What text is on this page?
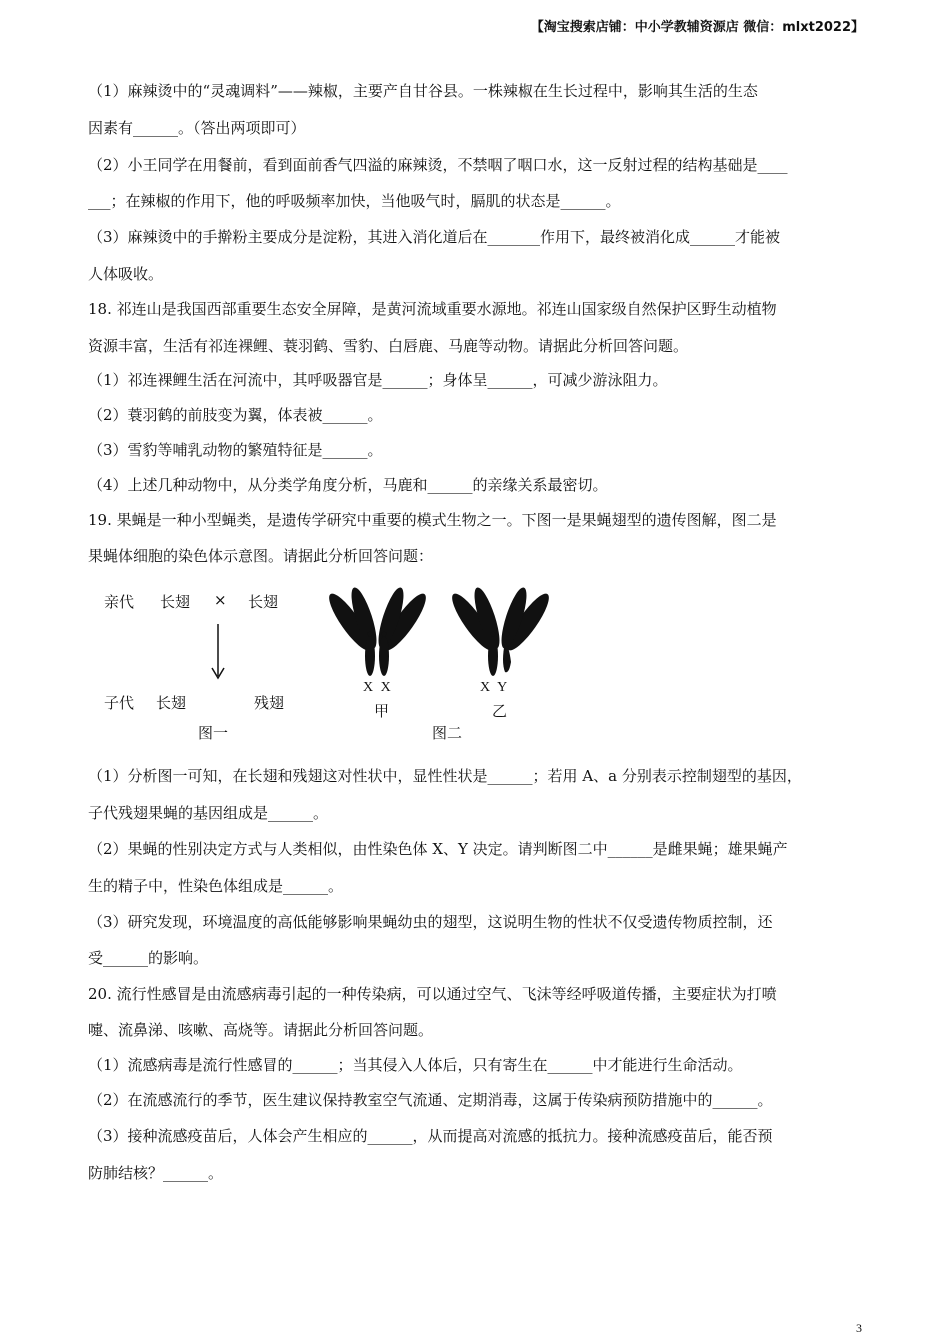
【淘宝搜索店铺：中小学教辅资源店 微信：mlxt2022】
（1）麻辣烫中的“灵魂调料”——辣椒，主要产自甘谷县。一株辣椒在生长过程中，影响其生活的生态
因素有______。（答出两项即可）
（2）小王同学在用餐前，看到面前香气四溢的麻辣烫，不禁咽了咽口水，这一反射过程的结构基础是____
___；在辣椒的作用下，他的呼吸频率加快，当他吸气时，膈肌的状态是______。
（3）麻辣烫中的手擀粉主要成分是淀粉，其进入消化道后在_______作用下，最终被消化成______才能被
人体吸收。
18. 祁连山是我国西部重要生态安全屏障，是黄河流域重要水源地。祁连山国家级自然保护区野生动植物
资源丰富，生活有祁连裸鲤、蓑羽鹤、雪豹、白唇鹿、马鹿等动物。请据此分析回答问题。
（1）祁连裸鲤生活在河流中，其呼吸器官是______；身体呈______，可减少游泳阻力。
（2）蓑羽鹤的前肢变为翼，体表被______。
（3）雪豹等哺乳动物的繁殖特征是______。
（4）上述几种动物中，从分类学角度分析，马鹿和______的亲缘关系最密切。
19. 果蝇是一种小型蝇类，是遗传学研究中重要的模式生物之一。下图一是果蝇翅型的遗传图解，图二是
果蝇体细胞的染色体示意图。请据此分析回答问题：
亲代 长翅 × 长翅
子代 长翅	残翅
图一
X X
甲
X Y
乙
图二
（1）分析图一可知，在长翅和残翅这对性状中，显性性状是______；若用 A、a 分别表示控制翅型的基因，
子代残翅果蝇的基因组成是______。
（2）果蝇的性别决定方式与人类相似，由性染色体 X、Y 决定。请判断图二中______是雌果蝇；雄果蝇产
生的精子中，性染色体组成是______。
（3）研究发现，环境温度的高低能够影响果蝇幼虫的翅型，这说明生物的性状不仅受遗传物质控制，还
受______的影响。
20. 流行性感冒是由流感病毒引起的一种传染病，可以通过空气、飞沫等经呼吸道传播，主要症状为打喷
嚏、流鼻涕、咳嗽、高烧等。请据此分析回答问题。
（1）流感病毒是流行性感冒的______；当其侵入人体后，只有寄生在______中才能进行生命活动。
（2）在流感流行的季节，医生建议保持教室空气流通、定期消毒，这属于传染病预防措施中的______。
（3）接种流感疫苗后，人体会产生相应的______，从而提高对流感的抵抗力。接种流感疫苗后，能否预
防肺结核？______。
3
